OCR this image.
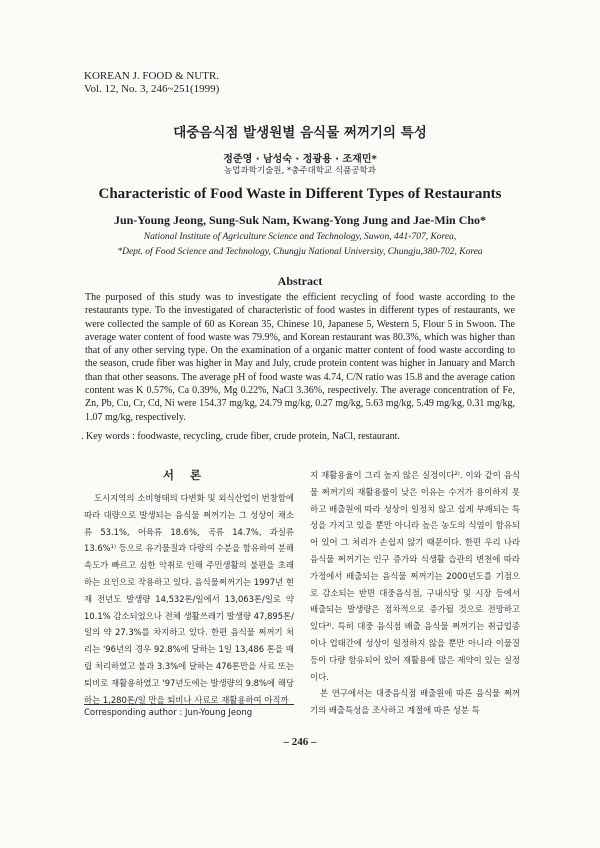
KOREAN J. FOOD & NUTR.
Vol. 12, No. 3, 246~251(1999)
대중음식점 발생원별 음식물 쩌꺼기의 특성
정준영 · 남성숙 · 정광용 · 조재민*
농업과학기술원, *충주대학교 식품공학과
Characteristic of Food Waste in Different Types of Restaurants
Jun-Young Jeong, Sung-Suk Nam, Kwang-Yong Jung and Jae-Min Cho*
National Institute of Agriculture Science and Technology, Suwon, 441-707, Korea,
*Dept. of Food Science and Technology, Chungju National University, Chungju,380-702, Korea
Abstract

The purposed of this study was to investigate the efficient recycling of food waste according to the restaurants type. To the investigated of characteristic of food wastes in different types of restaurants, we were collected the sample of 60 as Korean 35, Chinese 10, Japanese 5, Western 5, Flour 5 in Swoon. The average water content of food waste was 79.9%, and Korean restaurant was 80.3%, which was higher than that of any other serving type. On the examination of a organic matter content of food waste according to the season, crude fiber was higher in May and July, crude protein content was higher in January and March than that other seasons. The average pH of food waste was 4.74, C/N ratio was 15.8 and the average cation content was K 0.57%, Ca 0.39%, Mg 0.22%, NaCl 3.36%, respectively. The average concentration of Fe, Zn, Pb, Cu, Cr, Cd, Ni were 154.37 mg/kg, 24.79 mg/kg, 0.27 mg/kg, 5.63 mg/kg, 5.49 mg/kg, 0.31 mg/kg, 1.07 mg/kg, respectively.

. Key words : foodwaste, recycling, crude fiber, crude protein, NaCl, restaurant.
서 론

도시지역의 소비형태의 다변화 및 외식산업이 번창함에 따라 대량으로 발생되는 음식물 쩌꺼기는 그 성상이 채소류 53.1%, 어육류 18.6%, 곡류 14.7%, 과실류 13.6%¹⁾ 등으로 유기물질과 다량의 수분을 함유하여 분해속도가 빠르고 심한 악취로 인해 주민생활의 불편을 초래하는 요인으로 작용하고 있다. 음식물쩌꺼기는 1997년 현재 전년도 발생량 14,532톤/일에서 13,063톤/일로 약 10.1% 감소되었으나 전체 생활쓰레기 발생량 47,895톤/일의 약 27.3%를 차지하고 있다. 한편 음식물 쩌꺼기 처리는 '96년의 경우 92.8%에 달하는 1일 13,486 톤을 매립 처리하였고 불과 3.3%에 달하는 476톤만을 사료 또는 퇴비로 재활용하였고 '97년도에는 발생량의 9.8%에 해당하는 1,280톤/일 만을 퇴비나 사료로 재활용하여 아직까

지 재활용율이 그리 높지 않은 실정이다²⁾. 이와 같이 음식물 쩌꺼기의 재활용률이 낮은 이유는 수거가 용이하지 못하고 배출원에 따라 성상이 일정치 않고 쉽게 부패되는 특성을 가지고 있을 뿐만 아니라 높은 농도의 식염이 함유되어 있어 그 처리가 손쉽지 않기 때문이다. 한편 우리 나라 음식물 쩌꺼기는 인구 증가와 식생활 습관의 변천에 따라 가정에서 배출되는 음식물 쩌꺼기는 2000년도를 기점으로 감소되는 반면 대중음식점, 구내식당 및 시장 등에서 배출되는 발생량은 점차적으로 증가될 것으로 전망하고 있다³⁾. 특히 대중 음식점 배출 음식물 쩌꺼기는 취급업종이나 업태간에 성상이 일정하지 않을 뿐만 아니라 이물질 등이 다량 함유되어 있어 재활용에 많은 제약이 있는 실정이다.

본 연구에서는 대중음식점 배출원에 따른 음식물 쩌꺼기의 배출특성을 조사하고 계절에 따른 성분 특

Corresponding author : Jun-Young Jeong
– 246 –
